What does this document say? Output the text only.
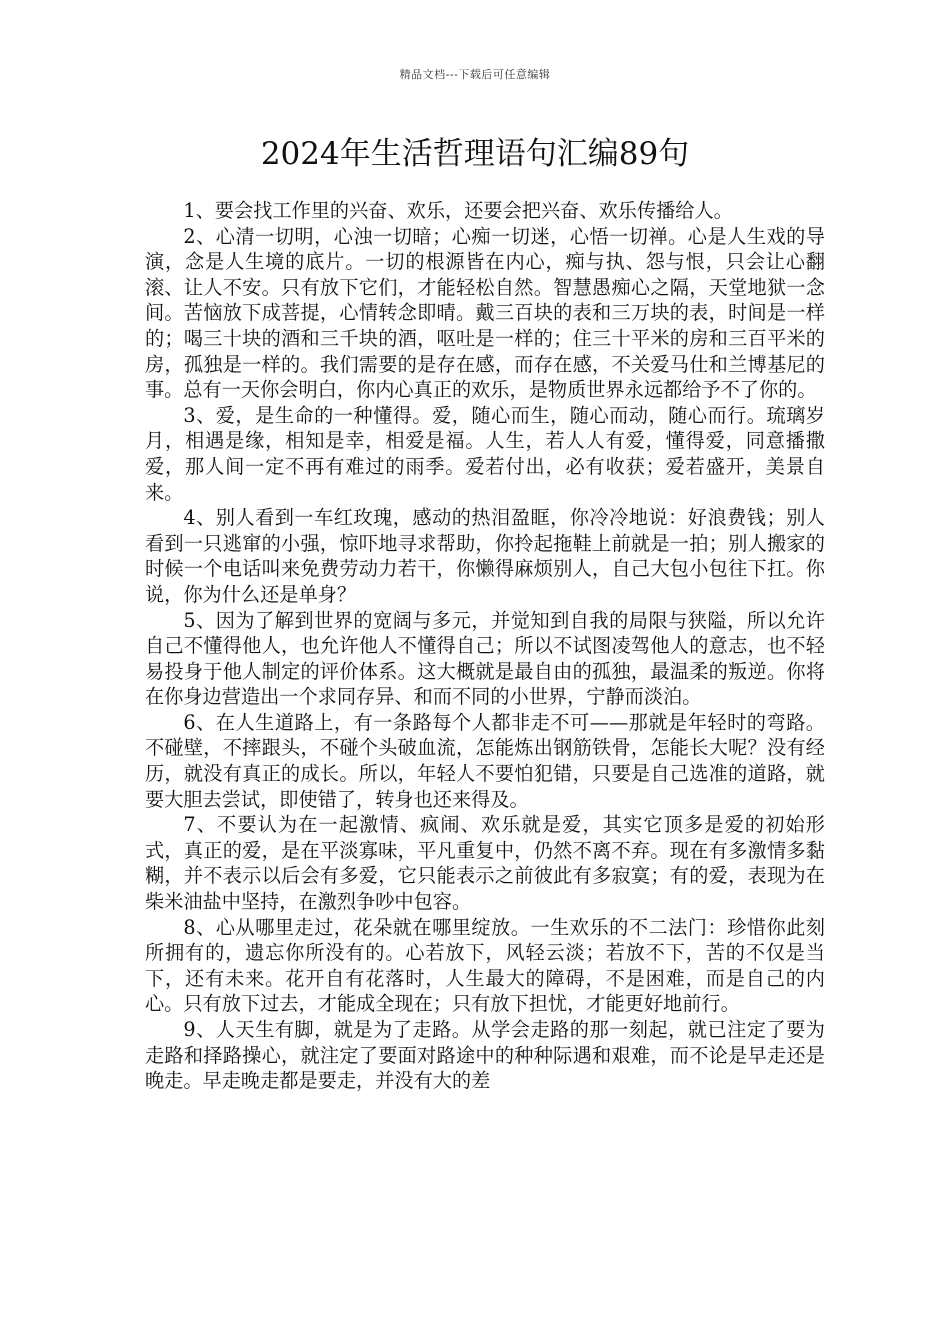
精品文档---下载后可任意编辑
2024年生活哲理语句汇编89句

1、要会找工作里的兴奋、欢乐，还要会把兴奋、欢乐传播给人。

2、心清一切明，心浊一切暗；心痴一切迷，心悟一切禅。心是人生戏的导演，念是人生境的底片。一切的根源皆在内心，痴与执、怨与恨，只会让心翻滚、让人不安。只有放下它们，才能轻松自然。智慧愚痴心之隔，天堂地狱一念间。苦恼放下成菩提，心情转念即晴。戴三百块的表和三万块的表，时间是一样的；喝三十块的酒和三千块的酒，呕吐是一样的；住三十平米的房和三百平米的房，孤独是一样的。我们需要的是存在感，而存在感，不关爱马仕和兰博基尼的事。总有一天你会明白，你内心真正的欢乐，是物质世界永远都给予不了你的。

3、爱，是生命的一种懂得。爱，随心而生，随心而动，随心而行。琉璃岁月，相遇是缘，相知是幸，相爱是福。人生，若人人有爱，懂得爱，同意播撒爱，那人间一定不再有难过的雨季。爱若付出，必有收获；爱若盛开，美景自来。

4、别人看到一车红玫瑰，感动的热泪盈眶，你冷冷地说：好浪费钱；别人看到一只逃窜的小强，惊吓地寻求帮助，你拎起拖鞋上前就是一拍；别人搬家的时候一个电话叫来免费劳动力若干，你懒得麻烦别人，自己大包小包往下扛。你说，你为什么还是单身？

5、因为了解到世界的宽阔与多元，并觉知到自我的局限与狭隘，所以允许自己不懂得他人，也允许他人不懂得自己；所以不试图凌驾他人的意志，也不轻易投身于他人制定的评价体系。这大概就是最自由的孤独，最温柔的叛逆。你将在你身边营造出一个求同存异、和而不同的小世界，宁静而淡泊。

6、在人生道路上，有一条路每个人都非走不可——那就是年轻时的弯路。不碰壁，不摔跟头，不碰个头破血流，怎能炼出钢筋铁骨，怎能长大呢？没有经历，就没有真正的成长。所以，年轻人不要怕犯错，只要是自己选准的道路，就要大胆去尝试，即使错了，转身也还来得及。

7、不要认为在一起激情、疯闹、欢乐就是爱，其实它顶多是爱的初始形式，真正的爱，是在平淡寡味，平凡重复中，仍然不离不弃。现在有多激情多黏糊，并不表示以后会有多爱，它只能表示之前彼此有多寂寞；有的爱，表现为在柴米油盐中坚持，在激烈争吵中包容。

8、心从哪里走过，花朵就在哪里绽放。一生欢乐的不二法门：珍惜你此刻所拥有的，遗忘你所没有的。心若放下，风轻云淡；若放不下，苦的不仅是当下，还有未来。花开自有花落时，人生最大的障碍，不是困难，而是自己的内心。只有放下过去，才能成全现在；只有放下担忧，才能更好地前行。

9、人天生有脚，就是为了走路。从学会走路的那一刻起，就已注定了要为走路和择路操心，就注定了要面对路途中的种种际遇和艰难，而不论是早走还是晚走。早走晚走都是要走，并没有大的差
